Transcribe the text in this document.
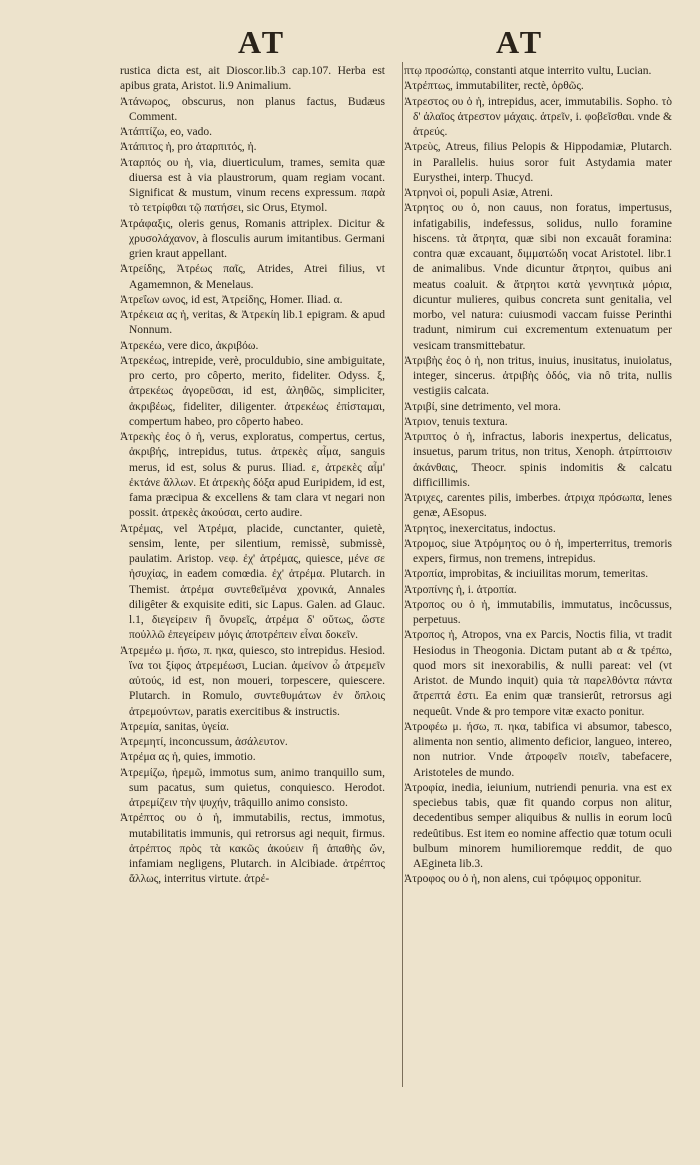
AT	AT

rustica dicta est, ait Dioscor.lib.3 cap.107. Herba est apibus grata, Aristot. li.9 Animalium.

Ἀτάνωρος, obscurus, non planus factus, Budæus Comment.

Ἀτάπτίζω, eo, vado.

Ἀτάπιτος ἡ, pro ἀταρπιτός, ἡ.

Ἀταρπός ου ἡ, via, diuerticulum, trames, semita quæ diuersa est à via plaustrorum, quam regiam vocant. Significat & mustum, vinum recens expressum. παρὰ τὸ τετρίφθαι τῷ πατήσει, sic Orus, Etymol.

Ἀτράφαξις, oleris genus, Romanis attriplex. Dicitur & χρυσολάχανον, à flosculis aurum imitantibus. Germani grien kraut appellant.

Ἀτρείδης, Ἀτρέως παῖς, Atrides, Atrei filius, vt Agamemnon, & Menelaus.

Ἀτρεΐων ωνος, id est, Ἀτρείδης, Homer. Iliad. α.

Ἀτρέκεια ας ἡ, veritas, & Ἀτρεκίη lib.1 epigram. & apud Nonnum.

Ἀτρεκέω, vere dico, ἀκριβόω.

Ἀτρεκέως, intrepide, verè, proculdubio, sine ambiguitate, pro certo, pro côperto, merito, fideliter. Odyss. ξ, ἀτρεκέως ἀγορεῦσαι, id est, ἀληθῶς, simpliciter, ἀκριβέως, fideliter, diligenter. ἀτρεκέως ἐπίσταμαι, compertum habeo, pro côperto habeo.

Ἀτρεκὴς ἐος ὁ ἡ, verus, exploratus, compertus, certus, ἀκριβής, intrepidus, tutus. ἀτρεκὲς αἷμα, sanguis merus, id est, solus & purus. Iliad. ε, ἀτρεκὲς αἷμ' ἐκτάνε ἄλλων. Et ἀτρεκὴς δόξα apud Euripidem, id est, fama præcipua & excellens & tam clara vt negari non possit. ἀτρεκὲς ἀκούσαι, certo audire.

Ἀτρέμας, vel Ἀτρέμα, placide, cunctanter, quietè, sensim, lente, per silentium, remissè, submissè, paulatim. Aristop. νεφ. ἐχ' ἀτρέμας, quiesce, μένε σε ἠσυχίας, in eadem comœdia. ἐχ' ἀτρέμα. Plutarch. in Themist. ἀτρέμα συντεθεῖμένα χρονικά, Annales diligêter & exquisite editi, sic Lapus. Galen. ad Glauc. l.1, διεγείρειν ἢ ὄνυρεῖς, ἀτρέμα δ' οὕτως, ὥστε ποὐλλῶ ἐπεγείρειν μόγις ἀποτρέπειν εἶναι δοκεῖν.

Ἀτρεμέω μ. ήσω, π. ηκα, quiesco, sto intrepidus. Hesiod. ἵνα τοι ξίφος ἀτρεμέωσι, Lucian. ἀμείνον ὧ ἀτρεμεῖν αὐτούς, id est, non moueri, torpescere, quiescere. Plutarch. in Romulo, συντεθυμάτων ἐν ὅπλοις ἀτρεμούντων, paratis exercitibus & instructis.

Ἀτρεμία, sanitas, ὑγεία.

Ἀτρεμητί, inconcussum, ἀσάλευτον.

Ἀτρέμα ας ἡ, quies, immotio.

Ἀτρεμίζω, ἠρεμῶ, immotus sum, animo tranquillo sum, sum pacatus, sum quietus, conquiesco. Herodot. ἀτρεμίζειν τὴν ψυχήν, trâquillo animo consisto.

Ἀτρέπτος ου ὁ ἡ, immutabilis, rectus, immotus, mutabilitatis immunis, qui retrorsus agi nequit, firmus. ἀτρέπτος πρὸς τὰ κακῶς ἀκούειν ἢ ἀπαθὴς ὤν, infamiam negligens, Plutarch. in Alcibiade. ἀτρέπτος ἄλλως, interritus virtute. ἀτρέ-

πτῳ προσώπῳ, constanti atque interrito vultu, Lucian.

Ἀτρέπτως, immutabiliter, rectè, ὀρθῶς.

Ἀτρεστος ου ὁ ἡ, intrepidus, acer, immutabilis. Sopho. τὸ δ' ἀλαῖος ἀτρεστον μάχαις. ἀτρεῖν, i. φοβεῖσθαι. vnde & ἀτρεύς.

Ἀτρεὺς, Atreus, filius Pelopis & Hippodamiæ, Plutarch. in Parallelis. huius soror fuit Astydamia mater Eurysthei, interp. Thucyd.

Ἀτρηνοὶ οἱ, populi Asiæ, Atreni.

Ἀτρητος ου ὁ, non cauus, non foratus, impertusus, infatigabilis, indefessus, solidus, nullo foramine hiscens. τὰ ἄτρητα, quæ sibi non excauât foramina: contra quæ excauant, διμματώδη vocat Aristotel. libr.1 de animalibus. Vnde dicuntur ἄτρητοι, quibus ani meatus coaluit. & ἄτρητοι κατὰ γεννητικὰ μόρια, dicuntur mulieres, quibus concreta sunt genitalia, vel morbo, vel natura: cuiusmodi vaccam fuisse Perinthi tradunt, nimirum cui excrementum extenuatum per vesicam transmittebatur.

Ἀτριβὴς ἐος ὁ ἡ, non tritus, inuius, inusitatus, inuiolatus, integer, sincerus. ἀτριβὴς ὁδός, via nô trita, nullis vestigiis calcata.

Ἀτριβί, sine detrimento, vel mora.

Ἀτριον, tenuis textura.

Ἀτριπτος ὁ ἡ, infractus, laboris inexpertus, delicatus, insuetus, parum tritus, non tritus, Xenoph. ἀτρίπτοισιν ἀκάνθαις, Theocr. spinis indomitis & calcatu difficillimis.

Ἀτριχες, carentes pilis, imberbes. ἀτριχα πρόσωπα, lenes genæ, AEsopus.

Ἀτρητος, inexercitatus, indoctus.

Ἀτρομος, siue Ἀτρόμητος ου ὁ ἡ, imperterritus, tremoris expers, firmus, non tremens, intrepidus.

Ἀτροπία, improbitas, & inciuilitas morum, temeritas.

Ἀτροπίνης ἡ, i. ἀτροπία.

Ἀτροπος ου ὁ ἡ, immutabilis, immutatus, incôcussus, perpetuus.

Ἀτροπος ἡ, Atropos, vna ex Parcis, Noctis filia, vt tradit Hesiodus in Theogonia. Dictam putant ab α & τρέπω, quod mors sit inexorabilis, & nulli pareat: vel (vt Aristot. de Mundo inquit) quia τὰ παρελθόντα πάντα ἄτρεπτά ἐστι. Ea enim quæ transierût, retrorsus agi nequeût. Vnde & pro tempore vitæ exacto ponitur.

Ἀτροφέω μ. ήσω, π. ηκα, tabifica vi absumor, tabesco, alimenta non sentio, alimento deficior, langueo, intereo, non nutrior. Vnde ἀτροφεῖν ποιεῖν, tabefacere, Aristoteles de mundo.

Ἀτροφία, inedia, ieiunium, nutriendi penuria. vna est ex speciebus tabis, quæ fit quando corpus non alitur, decedentibus semper aliquibus & nullis in eorum locû redeûtibus. Est item eo nomine affectio quæ totum oculi bulbum minorem humilioremque reddit, de quo AEgineta lib.3.

Ἀτροφος ου ὁ ἡ, non alens, cui τρόφιμος opponitur.
